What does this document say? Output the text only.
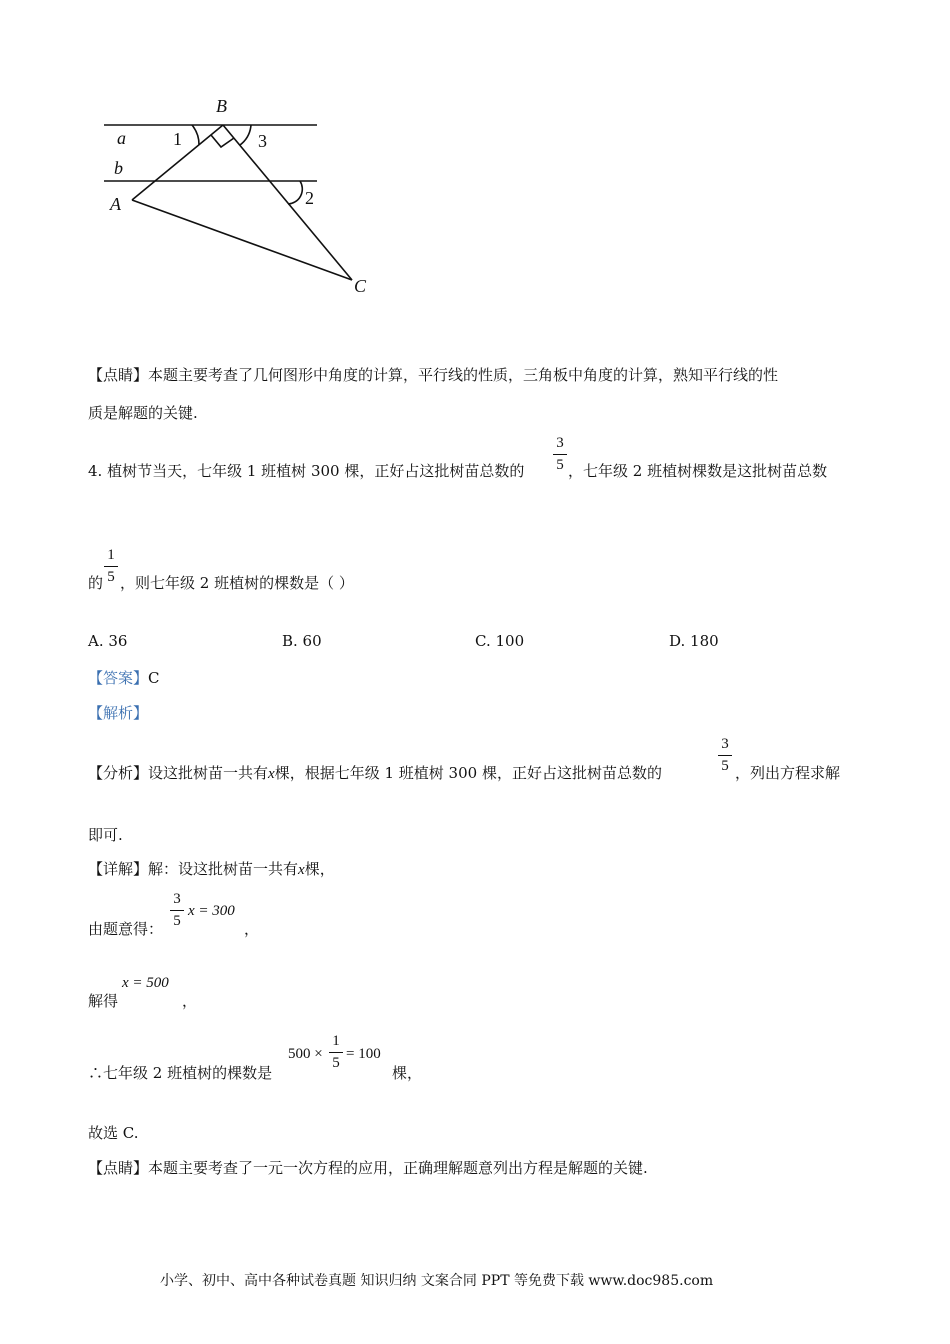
B
a
b
A
C
1	3
2
【点睛】本题主要考查了几何图形中角度的计算，平行线的性质，三角板中角度的计算，熟知平行线的性
质是解题的关键.
4. 植树节当天，七年级 1 班植树 300 棵，正好占这批树苗总数的
3
5 ，七年级 2 班植树棵数是这批树苗总数
的
1
5 ，则七年级 2 班植树的棵数是（ ）
A. 36	B. 60	C. 100	D. 180
【答案】C
【解析】
【分析】设这批树苗一共有x棵，根据七年级 1 班植树 300 棵，正好占这批树苗总数的
3
5 ，列出方程求解
即可.
【详解】解：设这批树苗一共有x棵，
由题意得：
3
5
x = 300
，
解得
x = 500
，
∴七年级 2 班植树的棵数是
500 ×
1
5
= 100
棵，
故选 C.
【点睛】本题主要考查了一元一次方程的应用，正确理解题意列出方程是解题的关键.
小学、初中、高中各种试卷真题 知识归纳 文案合同 PPT 等免费下载 www.doc985.com
